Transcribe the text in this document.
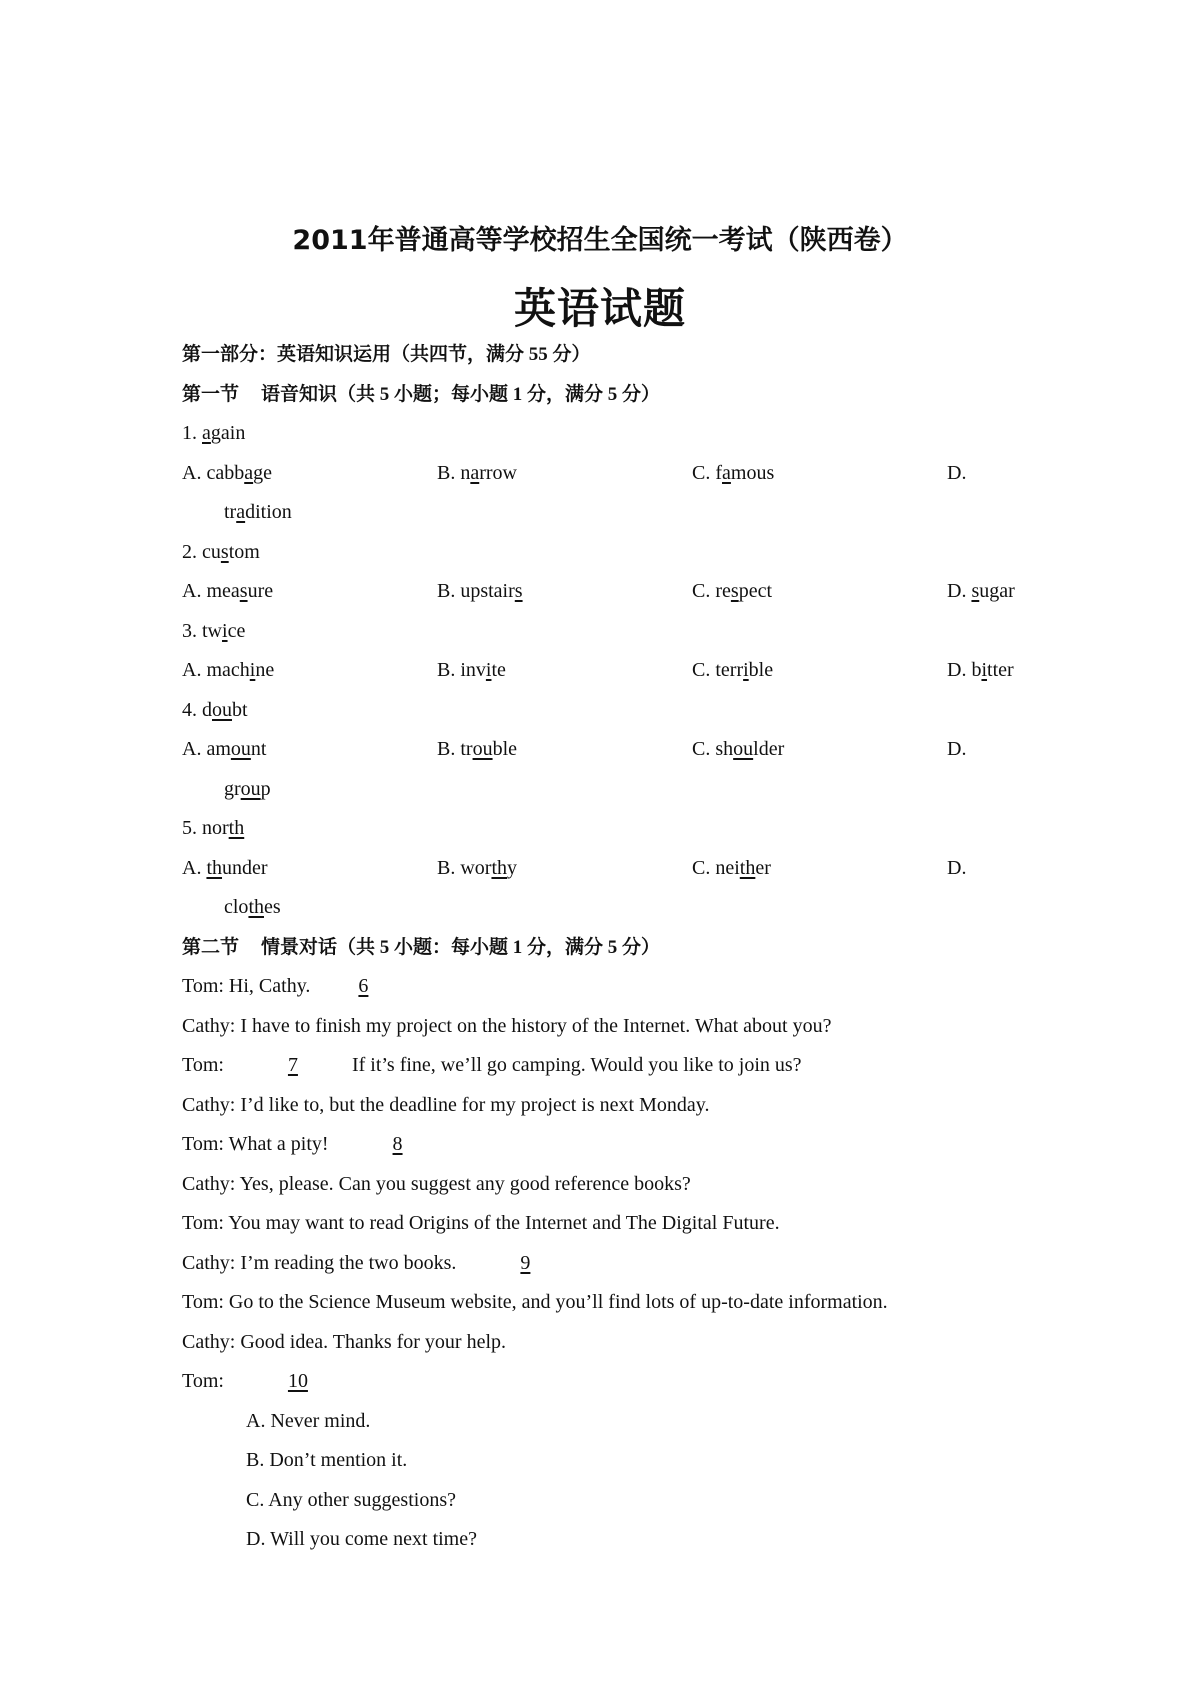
2011年普通高等学校招生全国统一考试（陕西卷）
英语试题
第一部分：英语知识运用（共四节，满分 55 分）
第一节 语音知识（共 5 小题；每小题 1 分，满分 5 分）
1. again
A. cabbage	B. narrow	C. famous	D.
tradition
2. custom
A. measure	B. upstairs	C. respect	D. sugar
3. twice
A. machine	B. invite	C. terrible	D. bitter
4. doubt
A. amount	B. trouble	C. shoulder	D.
group
5. north
A. thunder	B. worthy	C. neither	D.
clothes
第二节 情景对话（共 5 小题：每小题 1 分，满分 5 分）
Tom: Hi, Cathy. 6
Cathy: I have to finish my project on the history of the Internet. What about you?
Tom:	7	If it’s fine, we’ll go camping. Would you like to join us?
Cathy: I’d like to, but the deadline for my project is next Monday.
Tom: What a pity!	8
Cathy: Yes, please. Can you suggest any good reference books?
Tom: You may want to read Origins of the Internet and The Digital Future.
Cathy: I’m reading the two books.	9
Tom: Go to the Science Museum website, and you’ll find lots of up-to-date information.
Cathy: Good idea. Thanks for your help.
Tom:	10
A. Never mind.
B. Don’t mention it.
C. Any other suggestions?
D. Will you come next time?
